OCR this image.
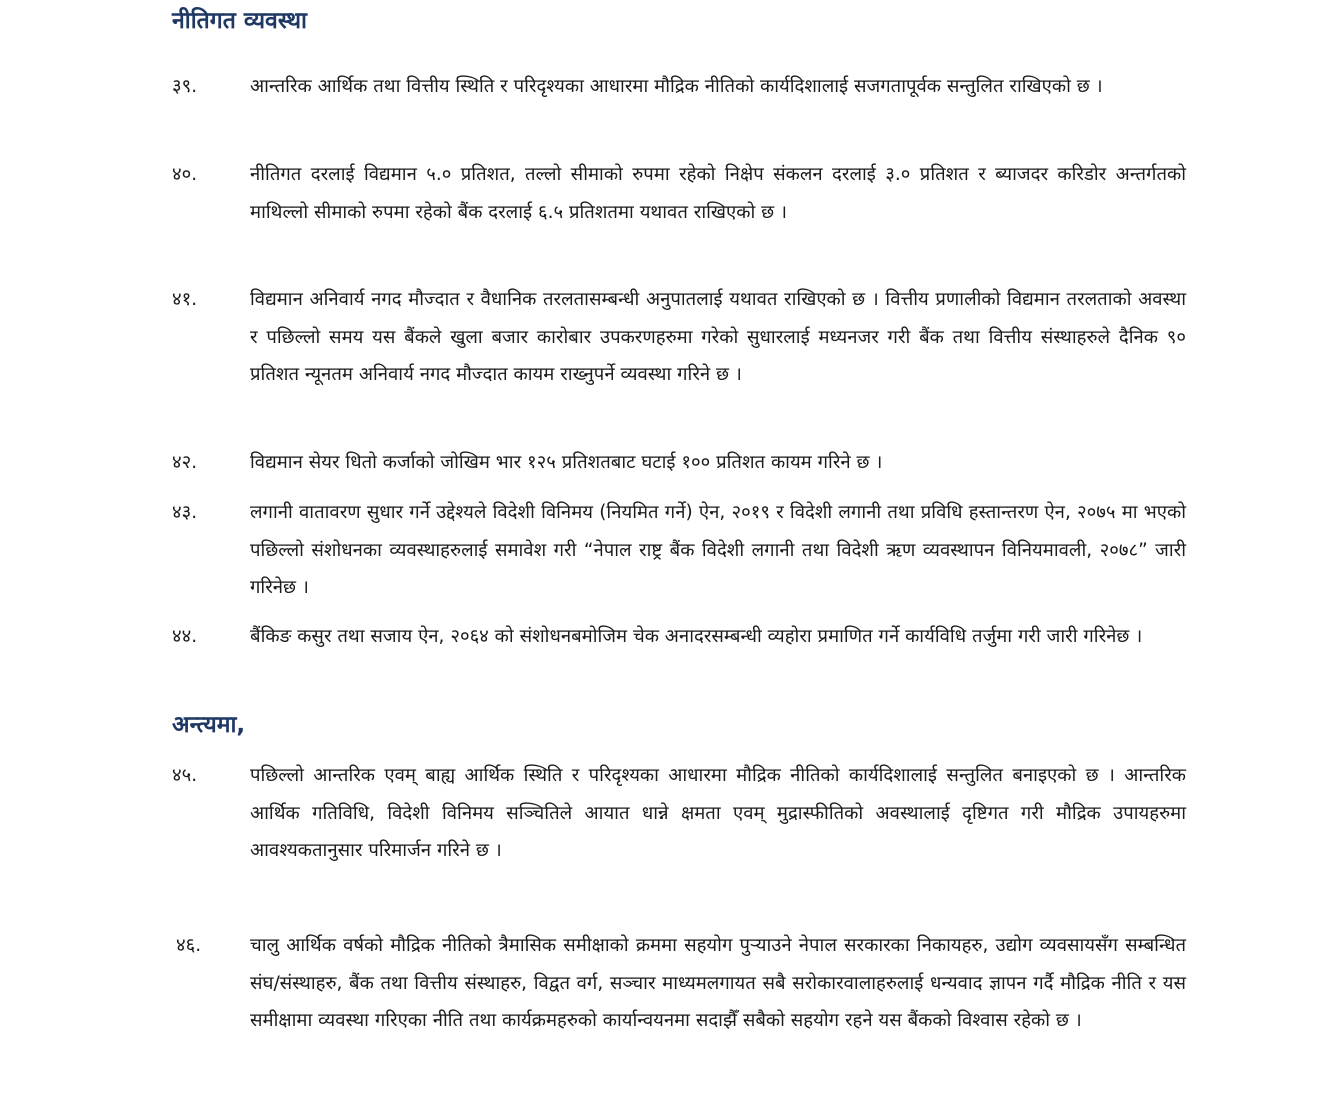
नीतिगत व्यवस्था
३९.	आन्तरिक आर्थिक तथा वित्तीय स्थिति र परिदृश्यका आधारमा मौद्रिक नीतिको कार्यदिशालाई सजगतापूर्वक सन्तुलित राखिएको छ ।

४०.	नीतिगत दरलाई विद्यमान ५.० प्रतिशत, तल्लो सीमाको रुपमा रहेको निक्षेप संकलन दरलाई ३.० प्रतिशत र ब्याजदर करिडोर अन्तर्गतको माथिल्लो सीमाको रुपमा रहेको बैंक दरलाई ६.५ प्रतिशतमा यथावत राखिएको छ ।

४१.	विद्यमान अनिवार्य नगद मौज्दात र वैधानिक तरलतासम्बन्धी अनुपातलाई यथावत राखिएको छ । वित्तीय प्रणालीको विद्यमान तरलताको अवस्था र पछिल्लो समय यस बैंकले खुला बजार कारोबार उपकरणहरुमा गरेको सुधारलाई मध्यनजर गरी बैंक तथा वित्तीय संस्थाहरुले दैनिक ९० प्रतिशत न्यूनतम अनिवार्य नगद मौज्दात कायम राख्नुपर्ने व्यवस्था गरिने छ ।

४२.	विद्यमान सेयर धितो कर्जाको जोखिम भार १२५ प्रतिशतबाट घटाई १०० प्रतिशत कायम गरिने छ ।

४३.	लगानी वातावरण सुधार गर्ने उद्देश्यले विदेशी विनिमय (नियमित गर्ने) ऐन, २०१९ र विदेशी लगानी तथा प्रविधि हस्तान्तरण ऐन, २०७५ मा भएको पछिल्लो संशोधनका व्यवस्थाहरुलाई समावेश गरी “नेपाल राष्ट्र बैंक विदेशी लगानी तथा विदेशी ऋण व्यवस्थापन विनियमावली, २०७८” जारी गरिनेछ ।

४४.	बैंकिङ कसुर तथा सजाय ऐन, २०६४ को संशोधनबमोजिम चेक अनादरसम्बन्धी व्यहोरा प्रमाणित गर्ने कार्यविधि तर्जुमा गरी जारी गरिनेछ ।

अन्त्यमा,
४५.	पछिल्लो आन्तरिक एवम् बाह्य आर्थिक स्थिति र परिदृश्यका आधारमा मौद्रिक नीतिको कार्यदिशालाई सन्तुलित बनाइएको छ । आन्तरिक आर्थिक गतिविधि, विदेशी विनिमय सञ्चितिले आयात धान्ने क्षमता एवम् मुद्रास्फीतिको अवस्थालाई दृष्टिगत गरी मौद्रिक उपायहरुमा आवश्यकतानुसार परिमार्जन गरिने छ ।

४६.	चालु आर्थिक वर्षको मौद्रिक नीतिको त्रैमासिक समीक्षाको क्रममा सहयोग पुर्‍याउने नेपाल सरकारका निकायहरु, उद्योग व्यवसायसँग सम्बन्धित संघ/संस्थाहरु, बैंक तथा वित्तीय संस्थाहरु, विद्वत वर्ग, सञ्चार माध्यमलगायत सबै सरोकारवालाहरुलाई धन्यवाद ज्ञापन गर्दै मौद्रिक नीति र यस समीक्षामा व्यवस्था गरिएका नीति तथा कार्यक्रमहरुको कार्यान्वयनमा सदाझैँ सबैको सहयोग रहने यस बैंकको विश्वास रहेको छ ।
